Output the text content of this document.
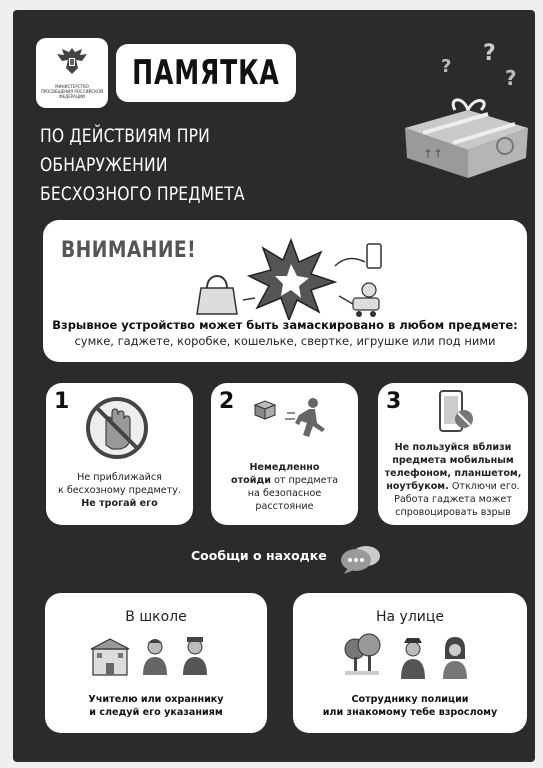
МИНИСТЕРСТВО ПРОСВЕЩЕНИЯ РОССИЙСКОЙ ФЕДЕРАЦИИ
ПАМЯТКА
ПО ДЕЙСТВИЯМ ПРИ ОБНАРУЖЕНИИ
БЕСХОЗНОГО ПРЕДМЕТА
?
?
?
↑↑
ВНИМАНИЕ!
Взрывное устройство может быть замаскировано в любом предмете:
сумке, гаджете, коробке, кошельке, свертке, игрушке или под ними
1
Не приближайся
к бесхозному предмету.
Не трогай его
2
Немедленно
отойди от предмета
на безопасное
расстояние
3
Не пользуйся вблизи
предмета мобильным
телефоном, планшетом,
ноутбуком. Отключи его.
Работа гаджета может
спровоцировать взрыв
Сообщи о находке
В школе
Учителю или охраннику
и следуй его указаниям
На улице
Сотруднику полиции
или знакомому тебе взрослому
